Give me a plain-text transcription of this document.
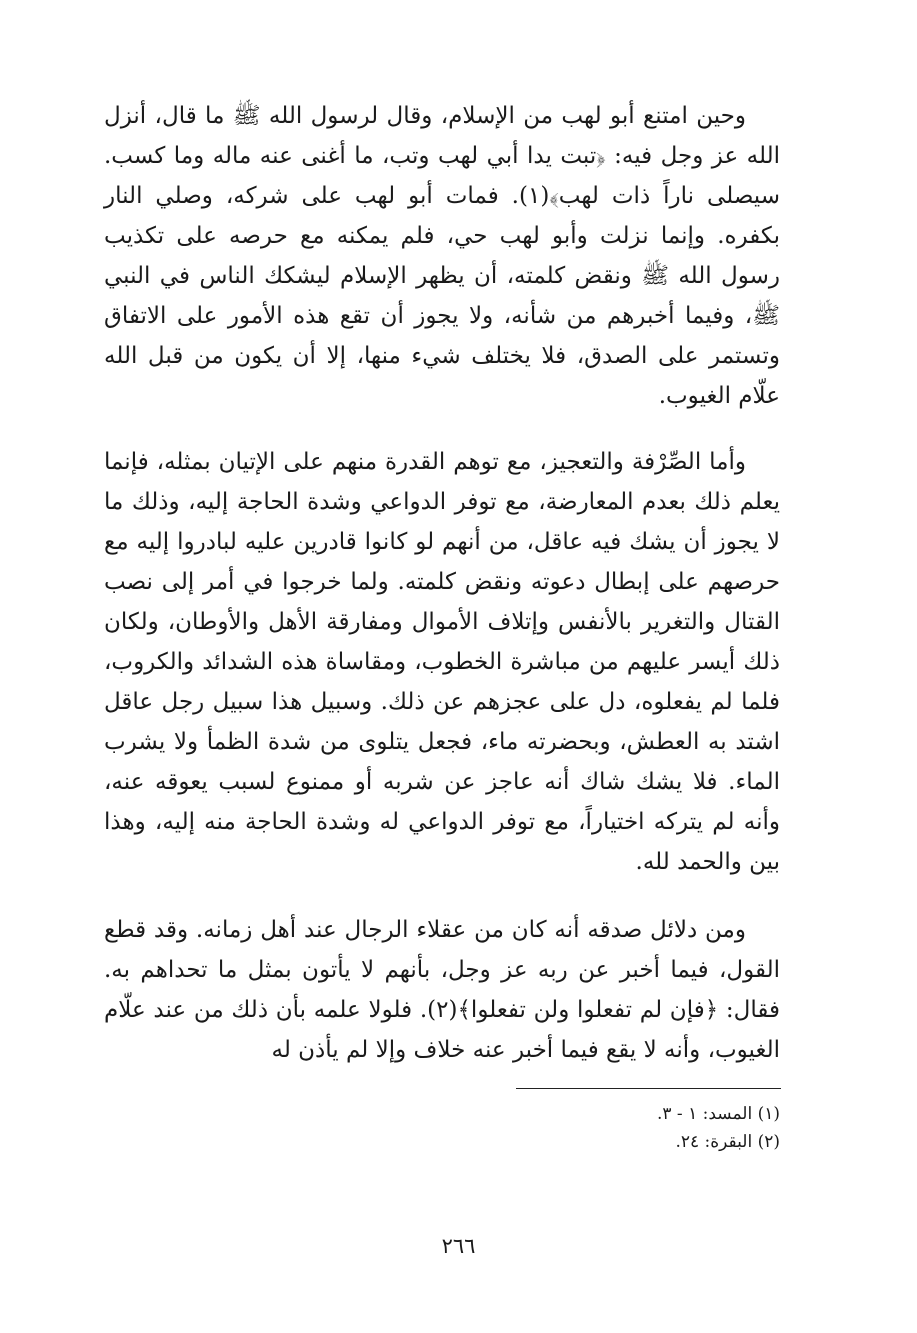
وحين امتنع أبو لهب من الإسلام، وقال لرسول الله ﷺ ما قال، أنزل الله عز وجل فيه: ﴿تبت يدا أبي لهب وتب، ما أغنى عنه ماله وما كسب. سيصلى ناراً ذات لهب﴾(١). فمات أبو لهب على شركه، وصلي النار بكفره. وإنما نزلت وأبو لهب حي، فلم يمكنه مع حرصه على تكذيب رسول الله ﷺ ونقض كلمته، أن يظهر الإسلام ليشكك الناس في النبي ﷺ، وفيما أخبرهم من شأنه، ولا يجوز أن تقع هذه الأمور على الاتفاق وتستمر على الصدق، فلا يختلف شيء منها، إلا أن يكون من قبل الله علّام الغيوب.

وأما الصِّرْفة والتعجيز، مع توهم القدرة منهم على الإتيان بمثله، فإنما يعلم ذلك بعدم المعارضة، مع توفر الدواعي وشدة الحاجة إليه، وذلك ما لا يجوز أن يشك فيه عاقل، من أنهم لو كانوا قادرين عليه لبادروا إليه مع حرصهم على إبطال دعوته ونقض كلمته. ولما خرجوا في أمر إلى نصب القتال والتغرير بالأنفس وإتلاف الأموال ومفارقة الأهل والأوطان، ولكان ذلك أيسر عليهم من مباشرة الخطوب، ومقاساة هذه الشدائد والكروب، فلما لم يفعلوه، دل على عجزهم عن ذلك. وسبيل هذا سبيل رجل عاقل اشتد به العطش، وبحضرته ماء، فجعل يتلوى من شدة الظمأ ولا يشرب الماء. فلا يشك شاك أنه عاجز عن شربه أو ممنوع لسبب يعوقه عنه، وأنه لم يتركه اختياراً، مع توفر الدواعي له وشدة الحاجة منه إليه، وهذا بين والحمد لله.

ومن دلائل صدقه أنه كان من عقلاء الرجال عند أهل زمانه. وقد قطع القول، فيما أخبر عن ربه عز وجل، بأنهم لا يأتون بمثل ما تحداهم به. فقال: ﴿فإن لم تفعلوا ولن تفعلوا﴾(٢). فلولا علمه بأن ذلك من عند علّام الغيوب، وأنه لا يقع فيما أخبر عنه خلاف وإلا لم يأذن له

(١) المسد: ١ - ٣.
(٢) البقرة: ٢٤.
٢٦٦
